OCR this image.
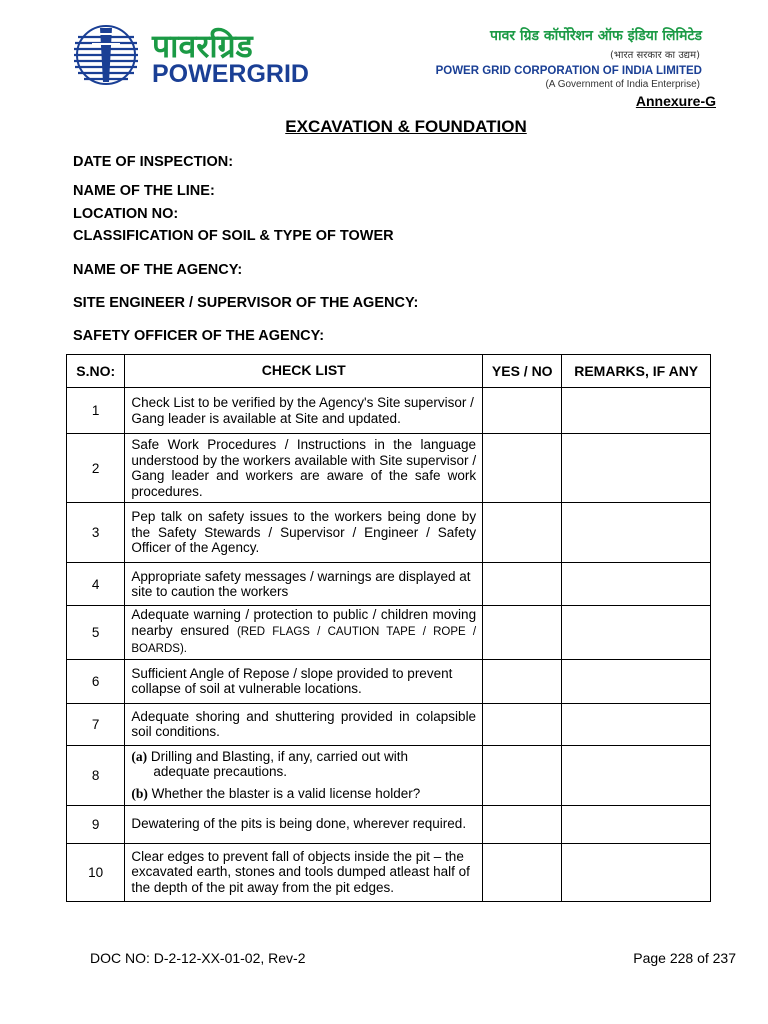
पावरग्रिड
POWERGRID
पावर ग्रिड कॉर्पोरेशन ऑफ इंडिया लिमिटेड
(भारत सरकार का उद्यम)
POWER GRID CORPORATION OF INDIA LIMITED
(A Government of India Enterprise)
Annexure-G
EXCAVATION & FOUNDATION
DATE OF INSPECTION:
NAME OF THE LINE:
LOCATION NO:
CLASSIFICATION OF SOIL & TYPE OF TOWER
NAME OF THE AGENCY:
SITE ENGINEER / SUPERVISOR OF THE AGENCY:
SAFETY OFFICER OF THE AGENCY:
S.NO:	CHECK LIST	YES / NO	REMARKS, IF ANY
1	Check List to be verified by the Agency's Site supervisor / Gang leader is available at Site and updated.		
2	Safe Work Procedures / Instructions in the language understood by the workers available with Site supervisor / Gang leader and workers are aware of the safe work procedures.		
3	Pep talk on safety issues to the workers being done by the Safety Stewards / Supervisor / Engineer / Safety Officer of the Agency.		
4	Appropriate safety messages / warnings are displayed at site to caution the workers		
5	Adequate warning / protection to public / children moving nearby ensured (RED FLAGS / CAUTION TAPE / ROPE / BOARDS).		
6	Sufficient Angle of Repose / slope provided to prevent collapse of soil at vulnerable locations.		
7	Adequate shoring and shuttering provided in colapsible soil conditions.		
8	(a) Drilling and Blasting, if any, carried out with
adequate precautions.
(b) Whether the blaster is a valid license holder?		

9	Dewatering of the pits is being done, wherever required.		
10	Clear edges to prevent fall of objects inside the pit – the excavated earth, stones and tools dumped atleast half of the depth of the pit away from the pit edges.		
DOC NO: D-2-12-XX-01-02, Rev-2	Page 228 of 237
